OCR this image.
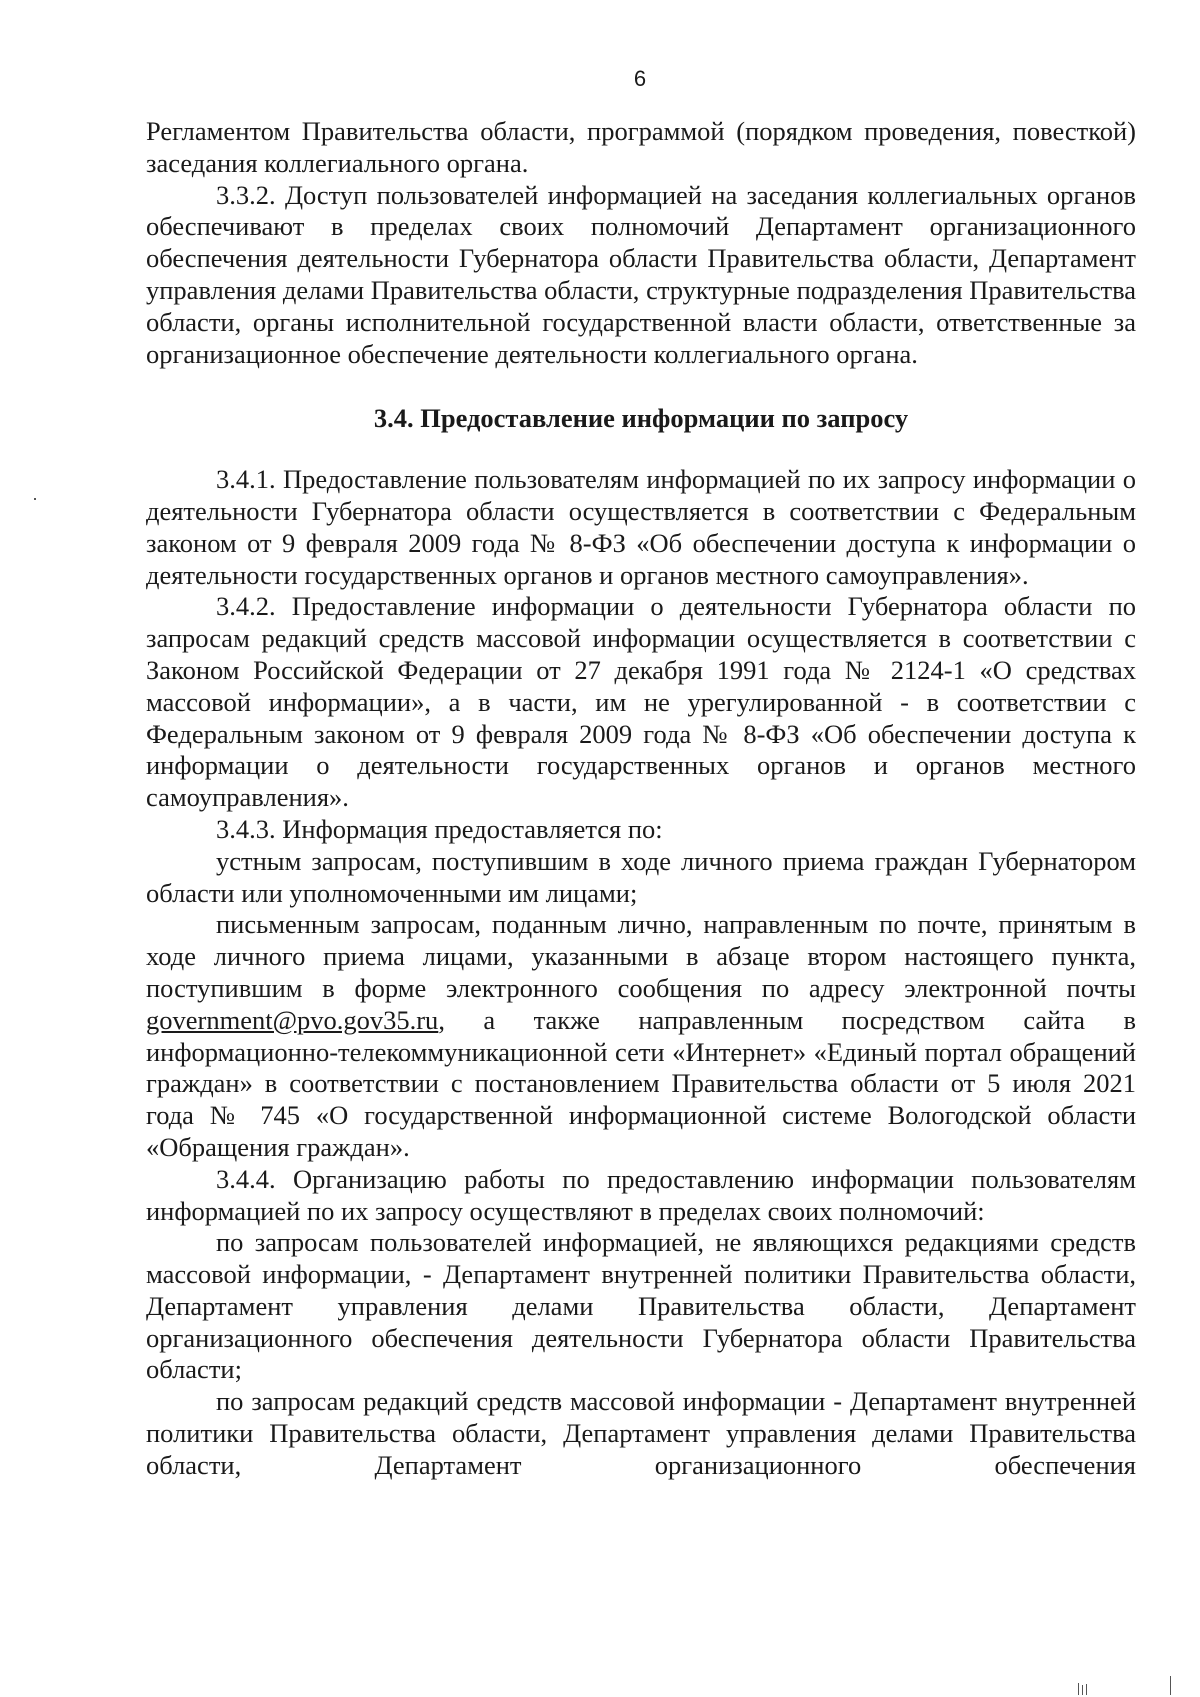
6

Регламентом Правительства области, программой (порядком проведения, повесткой) заседания коллегиального органа.

3.3.2. Доступ пользователей информацией на заседания коллегиальных органов обеспечивают в пределах своих полномочий Департамент организационного обеспечения деятельности Губернатора области Правительства области, Департамент управления делами Правительства области, структурные подразделения Правительства области, органы исполнительной государственной власти области, ответственные за организационное обеспечение деятельности коллегиального органа.

3.4. Предоставление информации по запросу

3.4.1. Предоставление пользователям информацией по их запросу информации о деятельности Губернатора области осуществляется в соответствии с Федеральным законом от 9 февраля 2009 года № 8-ФЗ «Об обеспечении доступа к информации о деятельности государственных органов и органов местного самоуправления».

3.4.2. Предоставление информации о деятельности Губернатора области по запросам редакций средств массовой информации осуществляется в соответствии с Законом Российской Федерации от 27 декабря 1991 года № 2124-1 «О средствах массовой информации», а в части, им не урегулированной - в соответствии с Федеральным законом от 9 февраля 2009 года № 8-ФЗ «Об обеспечении доступа к информации о деятельности государственных органов и органов местного самоуправления».

3.4.3. Информация предоставляется по:

устным запросам, поступившим в ходе личного приема граждан Губернатором области или уполномоченными им лицами;

письменным запросам, поданным лично, направленным по почте, принятым в ходе личного приема лицами, указанными в абзаце втором настоящего пункта, поступившим в форме электронного сообщения по адресу электронной почты government@pvo.gov35.ru, а также направленным посредством сайта в информационно-телекоммуникационной сети «Интернет» «Единый портал обращений граждан» в соответствии с постановлением Правительства области от 5 июля 2021 года № 745 «О государственной информационной системе Вологодской области «Обращения граждан».

3.4.4. Организацию работы по предоставлению информации пользователям информацией по их запросу осуществляют в пределах своих полномочий:

по запросам пользователей информацией, не являющихся редакциями средств массовой информации, - Департамент внутренней политики Правительства области, Департамент управления делами Правительства области, Департамент организационного обеспечения деятельности Губернатора области Правительства области;

по запросам редакций средств массовой информации - Департамент внутренней политики Правительства области, Департамент управления делами Правительства области, Департамент организационного обеспечения
